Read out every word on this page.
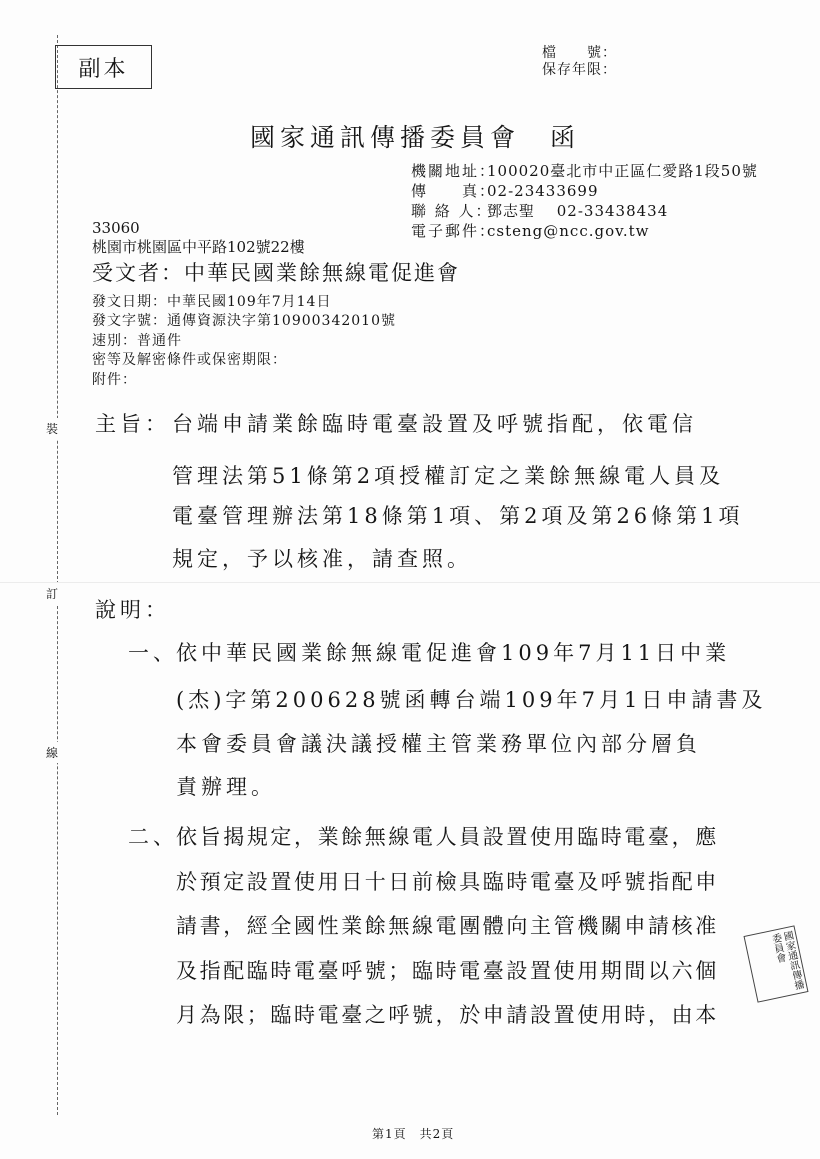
裝
訂
線
副本
檔　　號：
保存年限：
國家通訊傳播委員會　函
機關地址：100020臺北市中正區仁愛路1段50號
傳　　真：02-23433699
聯 絡 人：鄧志聖　 02-33438434
電子郵件：csteng@ncc.gov.tw
33060
桃園市桃園區中平路102號22樓
受文者：中華民國業餘無線電促進會
發文日期：中華民國109年7月14日
發文字號：通傳資源決字第10900342010號
速別：普通件
密等及解密條件或保密期限：
附件：
主旨： 台端申請業餘臨時電臺設置及呼號指配，依電信
管理法第51條第2項授權訂定之業餘無線電人員及
電臺管理辦法第18條第1項、第2項及第26條第1項
規定，予以核准，請查照。
說明：
一、
依中華民國業餘無線電促進會109年7月11日中業
(杰)字第200628號函轉台端109年7月1日申請書及
本會委員會議決議授權主管業務單位內部分層負
責辦理。
二、
依旨揭規定，業餘無線電人員設置使用臨時電臺，應
於預定設置使用日十日前檢具臨時電臺及呼號指配申
請書，經全國性業餘無線電團體向主管機關申請核准
及指配臨時電臺呼號；臨時電臺設置使用期間以六個
月為限；臨時電臺之呼號，於申請設置使用時，由本
國家通訊傳播委員會
第1頁　共2頁
